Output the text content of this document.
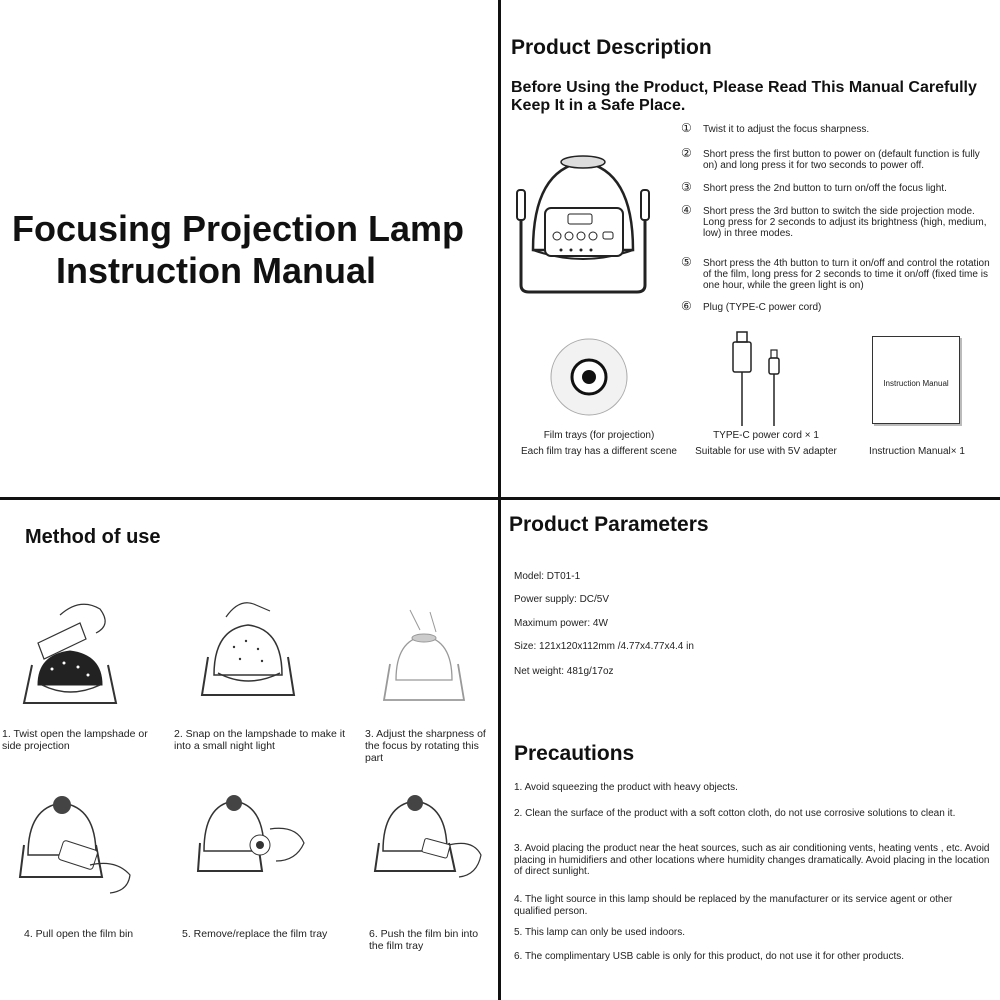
Focusing Projection Lamp
Instruction Manual
Product Description
Before Using the Product, Please Read This Manual Carefully
Keep It in a Safe Place.
① Twist it to adjust the focus sharpness.
② Short press the first button to power on (default function is fully on) and long press it for two seconds to power off.
③ Short press the 2nd button to turn on/off the focus light.
④ Short press the 3rd button to switch the side projection mode. Long press for 2 seconds to adjust its brightness (high, medium, low) in three modes.
⑤ Short press the 4th button to turn it on/off and control the rotation of the film, long press for 2 seconds to time it on/off (fixed time is one hour, while the green light is on)
⑥ Plug (TYPE-C power cord)
Instruction Manual
Film trays (for projection)
Each film tray has a different scene
TYPE-C power cord × 1
Suitable for use with 5V adapter
	Instruction Manual× 1
Method of use
1. Twist open the lampshade or side projection
2. Snap on the lampshade to make it into a small night light
3. Adjust the sharpness of the focus by rotating this part
4. Pull open the film bin	5. Remove/replace the film tray	6. Push the film bin into the film tray
Product Parameters
Model: DT01-1
Power supply: DC/5V
Maximum power: 4W
Size: 121x120x112mm /4.77x4.77x4.4 in
Net weight: 481g/17oz
Precautions
1. Avoid squeezing the product with heavy objects.
2. Clean the surface of the product with a soft cotton cloth, do not use corrosive solutions to clean it.
3. Avoid placing the product near the heat sources, such as air conditioning vents, heating vents , etc. Avoid placing in humidifiers and other locations where humidity changes dramatically. Avoid placing in the location of direct sunlight.
4. The light source in this lamp should be replaced by the manufacturer or its service agent or other qualified person.
5. This lamp can only be used indoors.
6. The complimentary USB cable is only for this product, do not use it for other products.
